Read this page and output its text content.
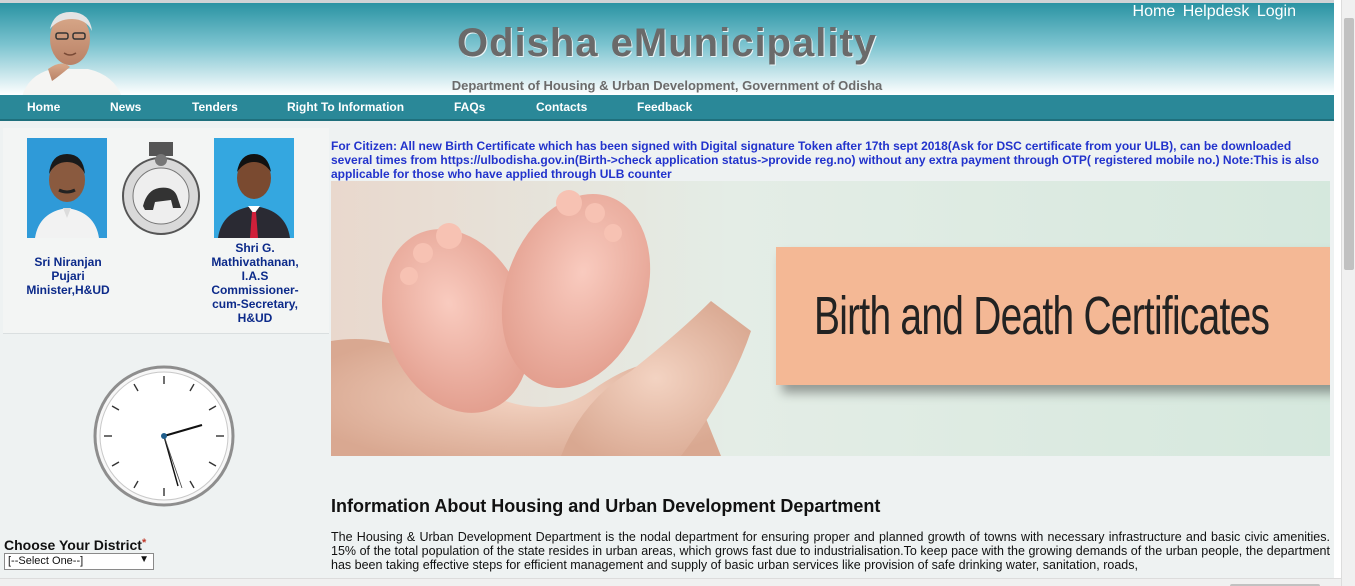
Odisha eMunicipality
Department of Housing & Urban Development, Government of Odisha
Home Helpdesk Login
Home	News	Tenders	Right To Information	FAQs	Contacts	Feedback
Sri Niranjan
Pujari
Minister,H&UD
Shri G.
Mathivathanan,
I.A.S
Commissioner-
cum-Secretary,
H&UD
Choose Your District*
[--Select One--]	▼
For Citizen: All new Birth Certificate which has been signed with Digital signature Token after 17th sept 2018(Ask for DSC certificate from your ULB), can be downloaded several times from https://ulbodisha.gov.in(Birth->check application status->provide reg.no) without any extra payment through OTP( registered mobile no.) Note:This is also applicable for those who have applied through ULB counter
Birth and Death Certificates
Information About Housing and Urban Development Department
The Housing & Urban Development Department is the nodal department for ensuring proper and planned growth of towns with necessary infrastructure and basic civic amenities. 15% of the total population of the state resides in urban areas, which grows fast due to industrialisation.To keep pace with the growing demands of the urban people, the department has been taking effective steps for efficient management and supply of basic urban services like provision of safe drinking water, sanitation, roads,
